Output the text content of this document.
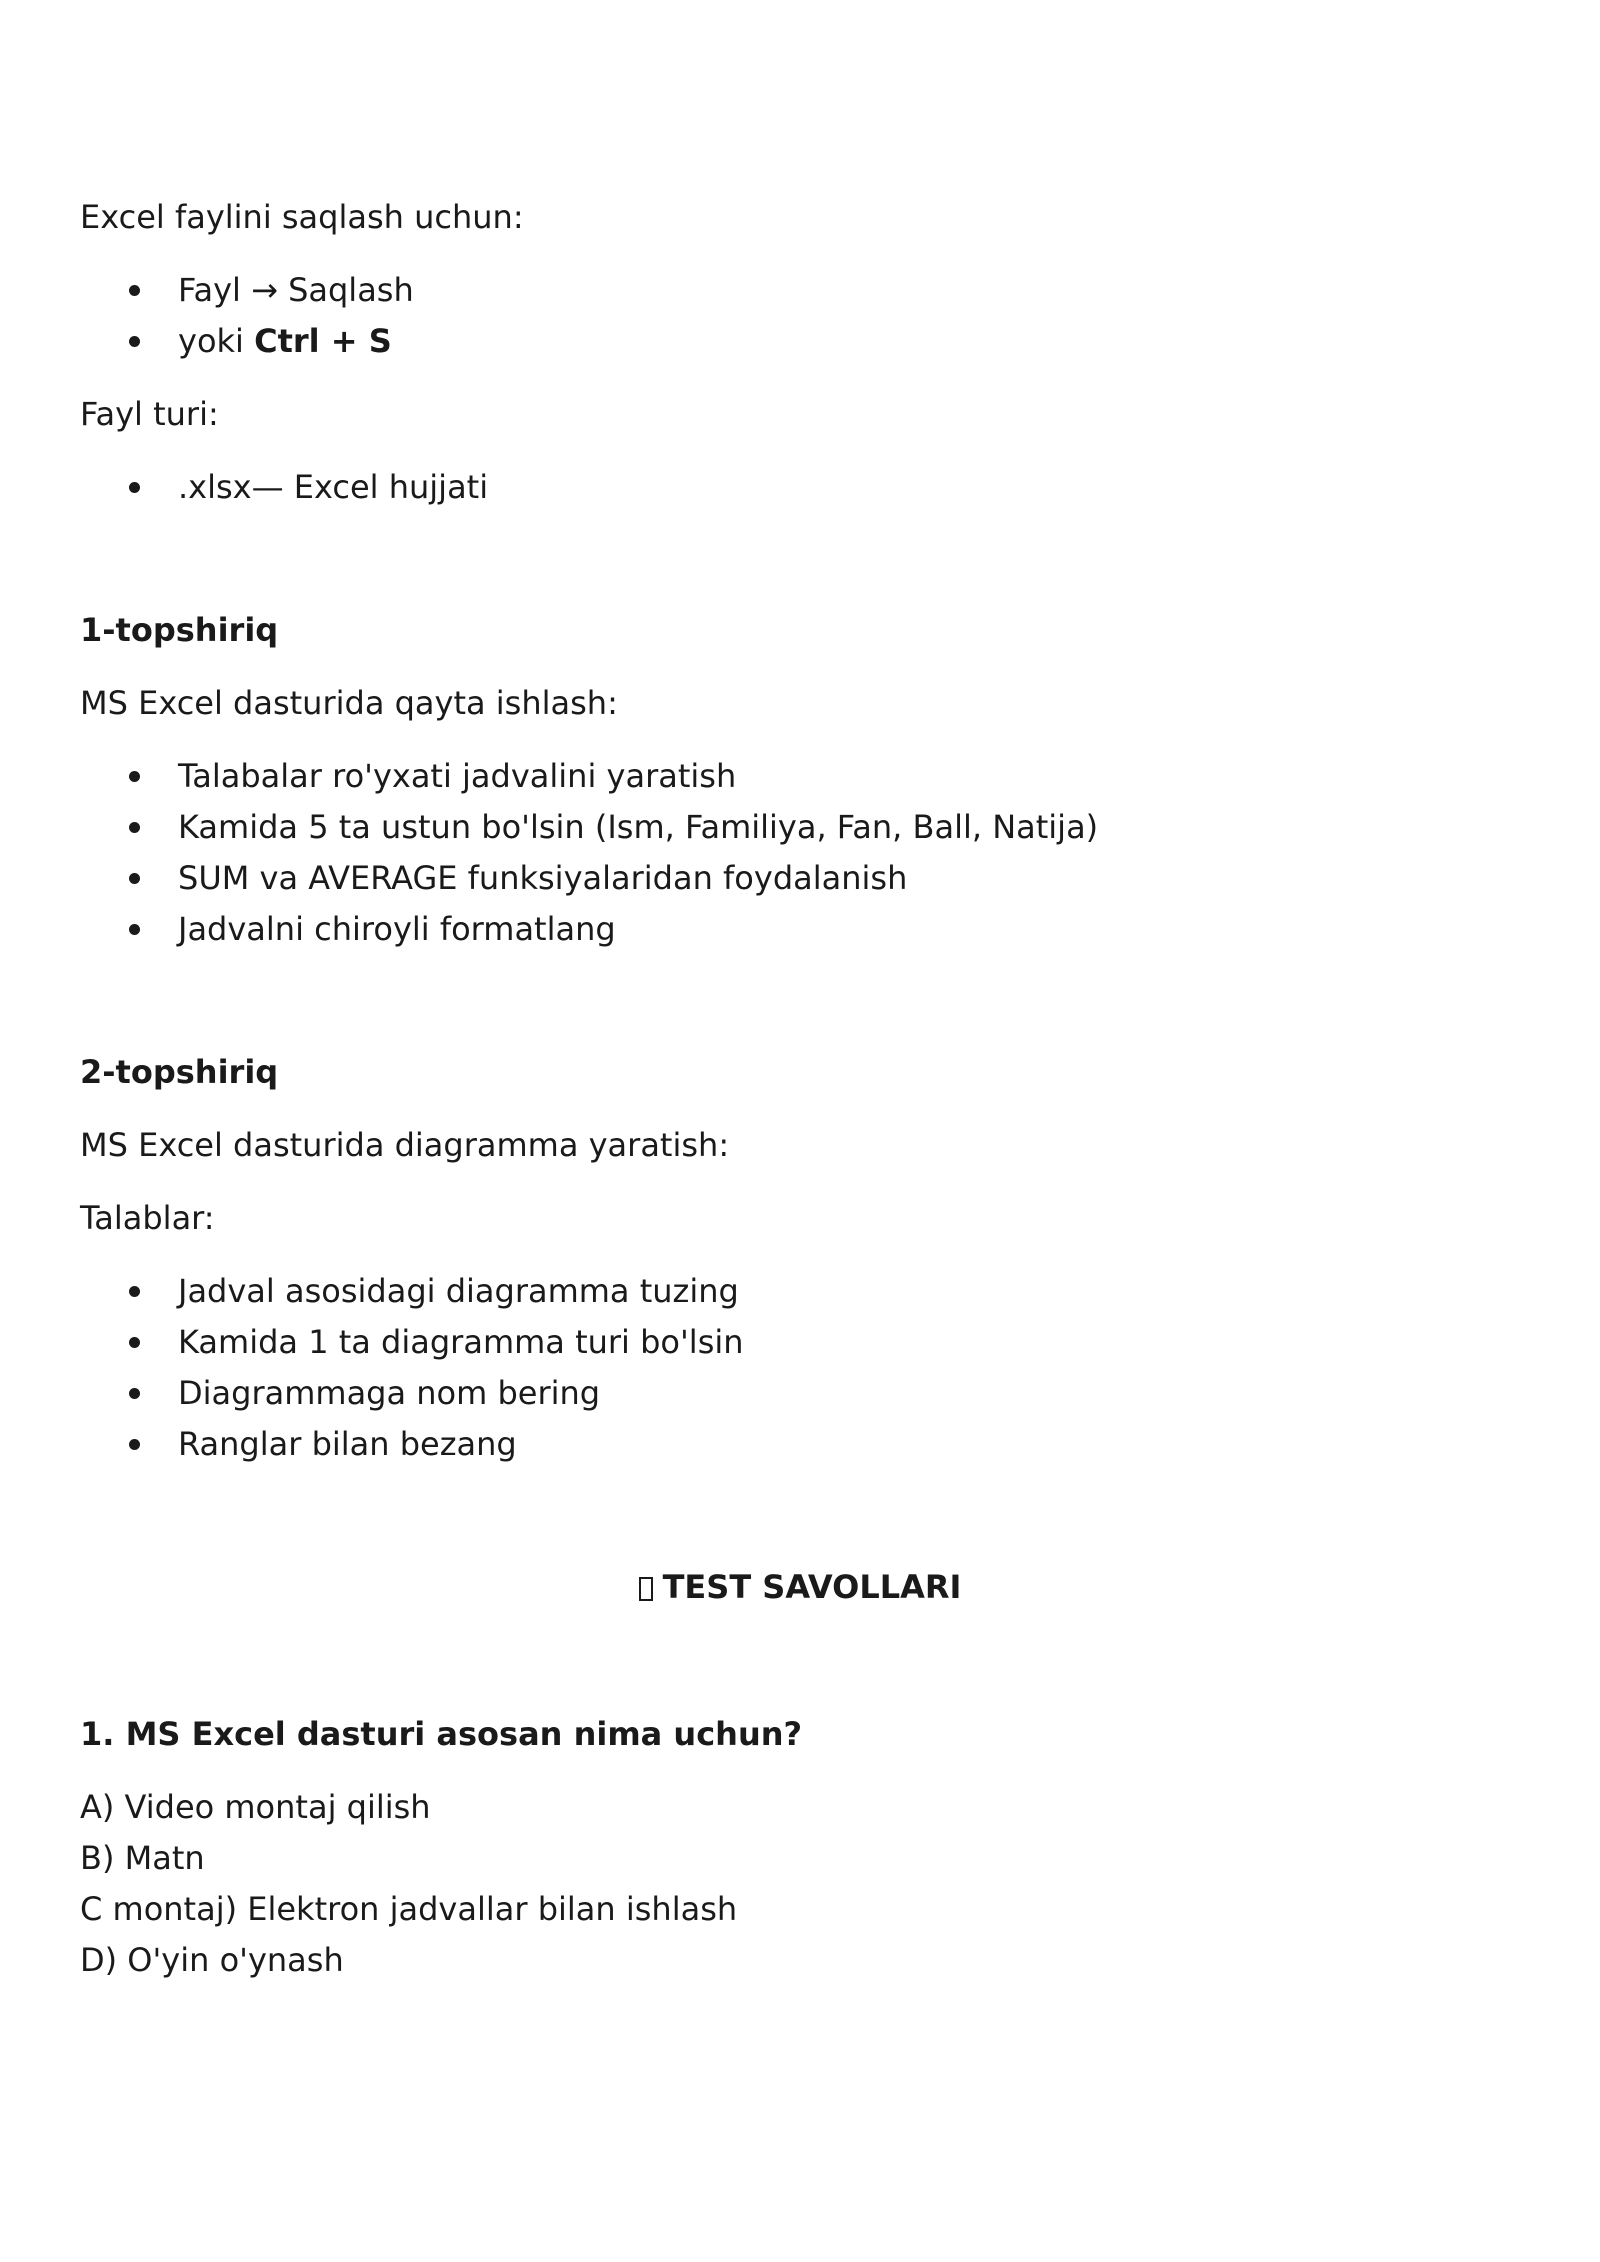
Excel faylini saqlash uchun:

Fayl → Saqlash
yoki Ctrl + S

Fayl turi:

.xlsx— Excel hujjati

1-topshiriq

MS Excel dasturida qayta ishlash:

Talabalar ro'yxati jadvalini yaratish
Kamida 5 ta ustun bo'lsin (Ism, Familiya, Fan, Ball, Natija)
SUM va AVERAGE funksiyalaridan foydalanish
Jadvalni chiroyli formatlang

2-topshiriq

MS Excel dasturida diagramma yaratish:

Talablar:

Jadval asosidagi diagramma tuzing
Kamida 1 ta diagramma turi bo'lsin
Diagrammaga nom bering
Ranglar bilan bezang

TEST SAVOLLARI

1. MS Excel dasturi asosan nima uchun?

A) Video montaj qilish

B) Matn

C montaj) Elektron jadvallar bilan ishlash

D) O'yin o'ynash
